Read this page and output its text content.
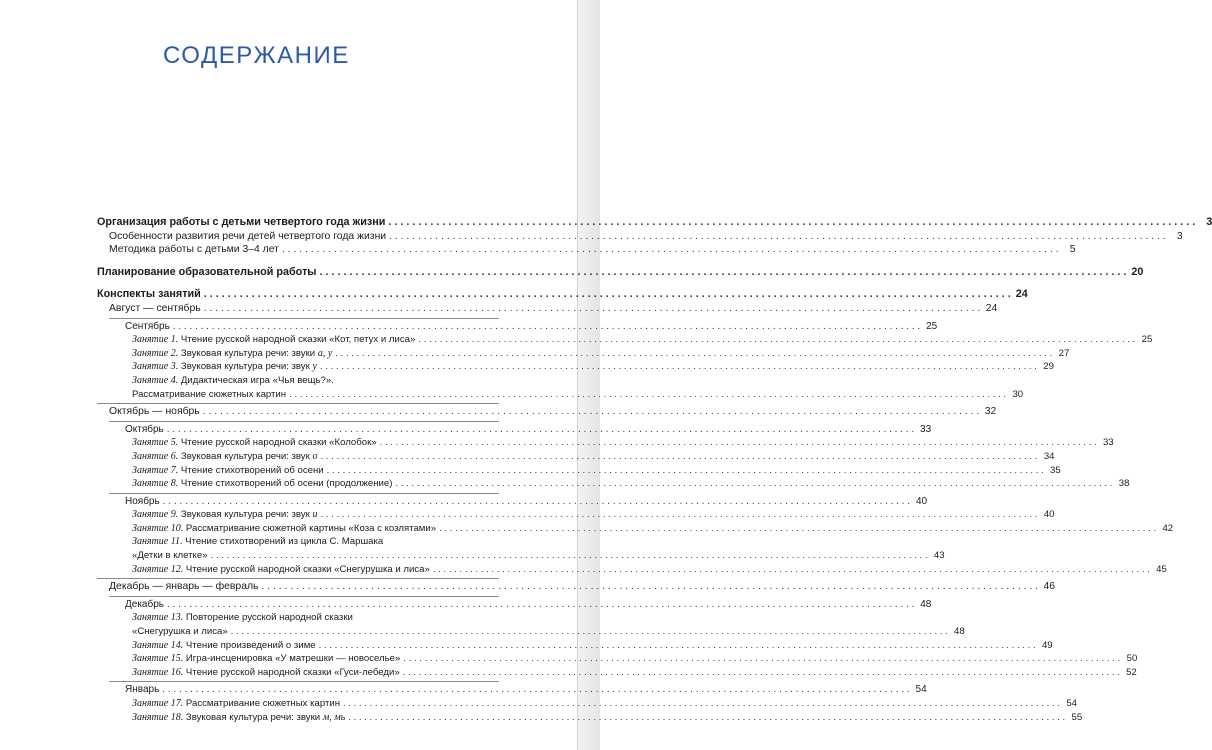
СОДЕРЖАНИЕ
Организация работы с детьми четвертого года жизни . . .	3
Особенности развития речи детей четвертого года жизни . . .	3
Методика работы с детьми 3–4 лет . . .	5
Планирование образовательной работы . . .	20
Конспекты занятий . . .	24
Август — сентябрь . . .	24
Сентябрь . . .	25
Занятие 1. Чтение русской народной сказки «Кот, петух и лиса» . . .	25
Занятие 2. Звуковая культура речи: звуки а, у . . .	27
Занятие 3. Звуковая культура речи: звук у . . .	29
Занятие 4. Дидактическая игра «Чья вещь?».
Рассматривание сюжетных картин . . .	30
Октябрь — ноябрь . . .	32
Октябрь . . .	33
Занятие 5. Чтение русской народной сказки «Колобок» . . .	33
Занятие 6. Звуковая культура речи: звук о . . .	34
Занятие 7. Чтение стихотворений об осени . . .	35
Занятие 8. Чтение стихотворений об осени (продолжение) . . .	38
Ноябрь . . .	40
Занятие 9. Звуковая культура речи: звук и . . .	40
Занятие 10. Рассматривание сюжетной картины «Коза с козлятами» . . .	42
Занятие 11. Чтение стихотворений из цикла С. Маршака
«Детки в клетке» . . .	43
Занятие 12. Чтение русской народной сказки «Снегурушка и лиса» . . .	45
Декабрь — январь — февраль . . .	46
Декабрь . . .	48
Занятие 13. Повторение русской народной сказки
«Снегурушка и лиса» . . .	48
Занятие 14. Чтение произведений о зиме . . .	49
Занятие 15. Игра-инсценировка «У матрешки — новоселье» . . .	50
Занятие 16. Чтение русской народной сказки «Гуси-лебеди» . . .	52
Январь . . .	54
Занятие 17. Рассматривание сюжетных картин . . .	54
Занятие 18. Звуковая культура речи: звуки м, мь . . .	55
